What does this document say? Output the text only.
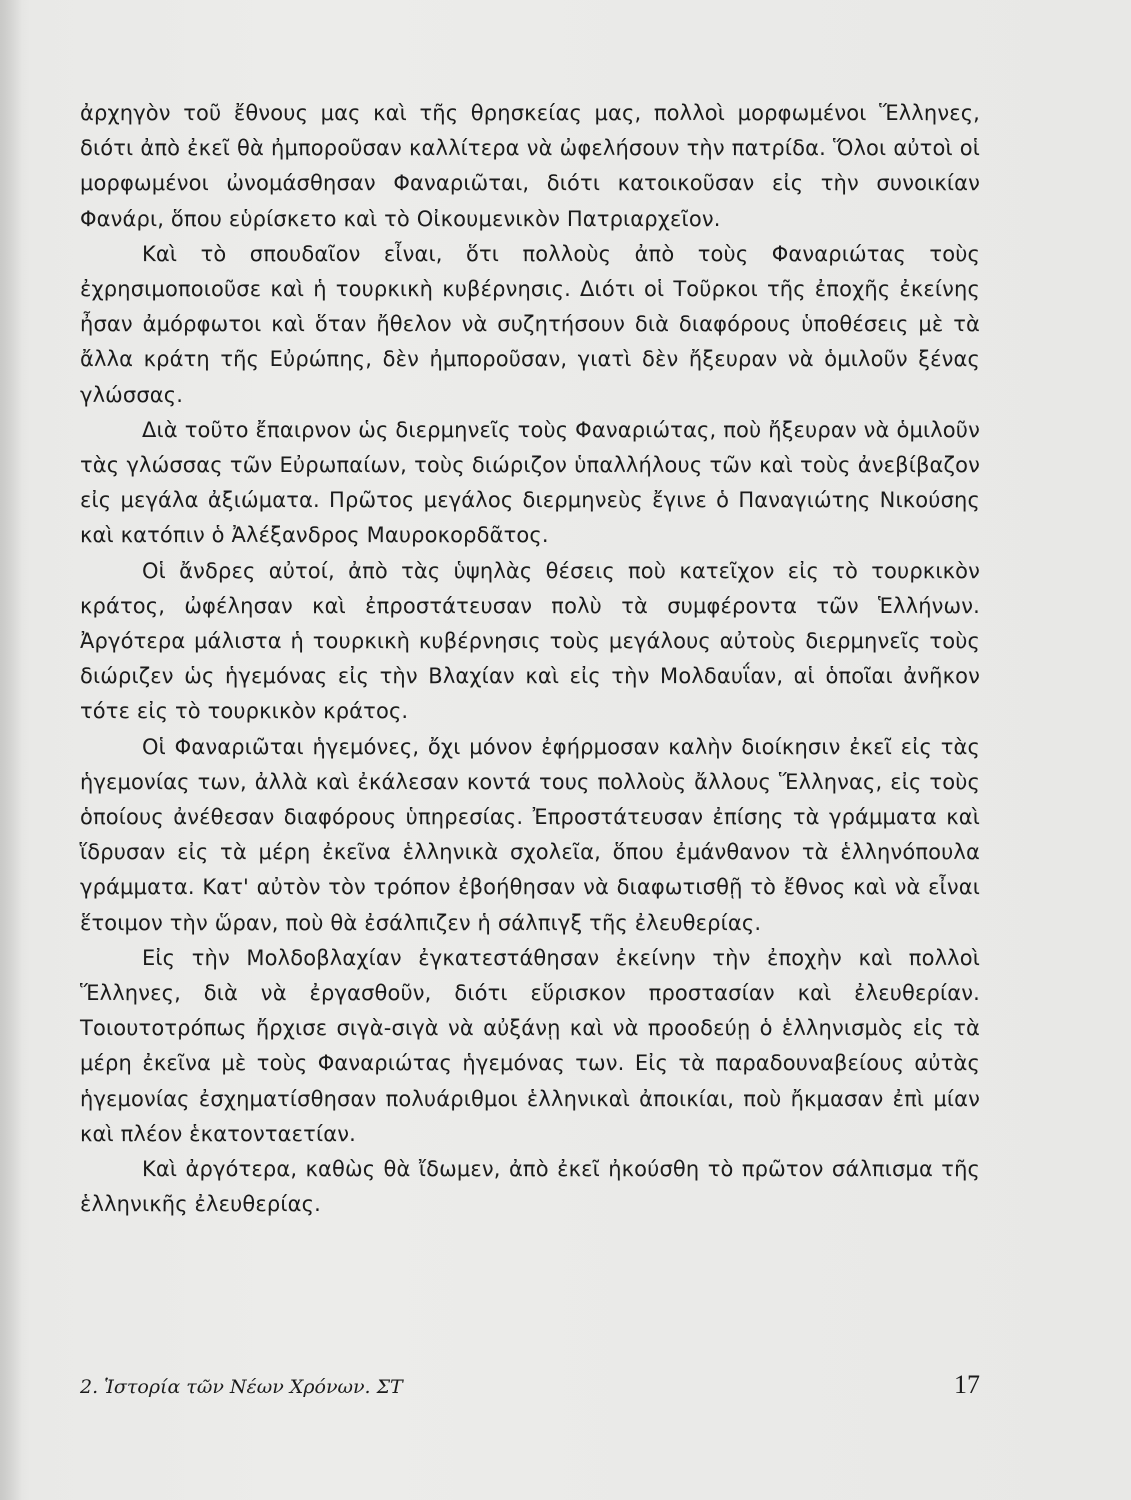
ἀρχηγὸν τοῦ ἔθνους μας καὶ τῆς θρησκείας μας, πολλοὶ μορφωμένοι Ἕλληνες, διότι ἀπὸ ἐκεῖ θὰ ἠμποροῦσαν καλλίτερα νὰ ὠφελήσουν τὴν πατρίδα. Ὅλοι αὐτοὶ οἱ μορφωμένοι ὠνομάσθησαν Φαναριῶται, διότι κατοικοῦσαν εἰς τὴν συνοικίαν Φανάρι, ὅπου εὑρίσκετο καὶ τὸ Οἰκουμενικὸν Πατριαρχεῖον.

Καὶ τὸ σπουδαῖον εἶναι, ὅτι πολλοὺς ἀπὸ τοὺς Φαναριώτας τοὺς ἐχρησιμοποιοῦσε καὶ ἡ τουρκικὴ κυβέρνησις. Διότι οἱ Τοῦρκοι τῆς ἐποχῆς ἐκείνης ἦσαν ἀμόρφωτοι καὶ ὅταν ἤθελον νὰ συζητήσουν διὰ διαφόρους ὑποθέσεις μὲ τὰ ἄλλα κράτη τῆς Εὐρώπης, δὲν ἠμποροῦσαν, γιατὶ δὲν ἤξευραν νὰ ὁμιλοῦν ξένας γλώσσας.

Διὰ τοῦτο ἔπαιρνον ὡς διερμηνεῖς τοὺς Φαναριώτας, ποὺ ἤξευραν νὰ ὁμιλοῦν τὰς γλώσσας τῶν Εὐρωπαίων, τοὺς διώριζον ὑπαλλήλους τῶν καὶ τοὺς ἀνεβίβαζον εἰς μεγάλα ἀξιώματα. Πρῶτος μεγάλος διερμηνεὺς ἔγινε ὁ Παναγιώτης Νικούσης καὶ κατόπιν ὁ Ἀλέξανδρος Μαυροκορδᾶτος.

Οἱ ἄνδρες αὐτοί, ἀπὸ τὰς ὑψηλὰς θέσεις ποὺ κατεῖχον εἰς τὸ τουρκικὸν κράτος, ὠφέλησαν καὶ ἐπροστάτευσαν πολὺ τὰ συμφέροντα τῶν Ἑλλήνων. Ἀργότερα μάλιστα ἡ τουρκικὴ κυβέρνησις τοὺς μεγάλους αὐτοὺς διερμηνεῖς τοὺς διώριζεν ὡς ἡγεμόνας εἰς τὴν Βλαχίαν καὶ εἰς τὴν Μολδαυΐαν, αἱ ὁποῖαι ἀνῆκον τότε εἰς τὸ τουρκικὸν κράτος.

Οἱ Φαναριῶται ἡγεμόνες, ὄχι μόνον ἐφήρμοσαν καλὴν διοίκησιν ἐκεῖ εἰς τὰς ἡγεμονίας των, ἀλλὰ καὶ ἐκάλεσαν κοντά τους πολλοὺς ἄλλους Ἕλληνας, εἰς τοὺς ὁποίους ἀνέθεσαν διαφόρους ὑπηρεσίας. Ἐπροστάτευσαν ἐπίσης τὰ γράμματα καὶ ἵδρυσαν εἰς τὰ μέρη ἐκεῖνα ἑλληνικὰ σχολεῖα, ὅπου ἐμάνθανον τὰ ἑλληνόπουλα γράμματα. Κατ' αὐτὸν τὸν τρόπον ἐβοήθησαν νὰ διαφωτισθῇ τὸ ἔθνος καὶ νὰ εἶναι ἕτοιμον τὴν ὥραν, ποὺ θὰ ἐσάλπιζεν ἡ σάλπιγξ τῆς ἐλευθερίας.

Εἰς τὴν Μολδοβλαχίαν ἐγκατεστάθησαν ἐκείνην τὴν ἐποχὴν καὶ πολλοὶ Ἕλληνες, διὰ νὰ ἐργασθοῦν, διότι εὕρισκον προστασίαν καὶ ἐλευθερίαν. Τοιουτοτρόπως ἤρχισε σιγὰ-σιγὰ νὰ αὐξάνῃ καὶ νὰ προοδεύῃ ὁ ἑλληνισμὸς εἰς τὰ μέρη ἐκεῖνα μὲ τοὺς Φαναριώτας ἡγεμόνας των. Εἰς τὰ παραδουναβείους αὐτὰς ἡγεμονίας ἐσχηματίσθησαν πολυάριθμοι ἑλληνικαὶ ἀποικίαι, ποὺ ἤκμασαν ἐπὶ μίαν καὶ πλέον ἑκατονταετίαν.

Καὶ ἀργότερα, καθὼς θὰ ἴδωμεν, ἀπὸ ἐκεῖ ἠκούσθη τὸ πρῶτον σάλπισμα τῆς ἑλληνικῆς ἐλευθερίας.

2. Ἱστορία τῶν Νέων Χρόνων. ΣΤ	17
